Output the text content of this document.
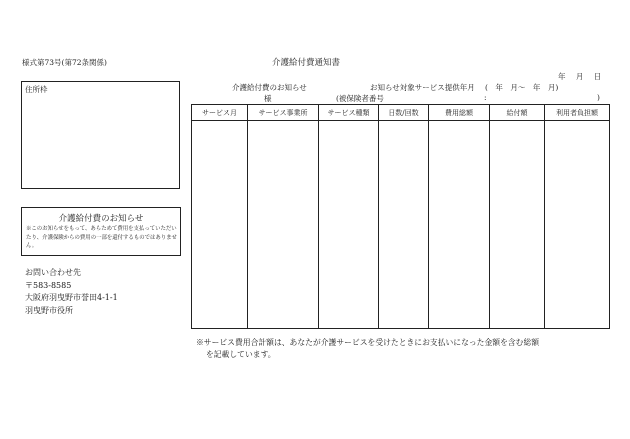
様式第73号(第72条関係)	介護給付費通知書
年 月 日
介護給付費のお知らせ	お知らせ対象サービス提供年月 (　年　月～　年　月)
様	(被保険者番号	:	)
住所枠
介護給付費のお知らせ
※このお知らせをもって、あらためて費用を支払っていただいたり、介護保険からの費用の一部を還付するものではありません。
お問い合わせ先
〒583-8585
大阪府羽曳野市誉田4-1-1
羽曳野市役所
サービス月	サービス事業所	サービス種類	日数/回数	費用総額	給付額	利用者負担額

※サービス費用合計額は、あなたが介護サービスを受けたときにお支払いになった金額を含む総額
を記載しています。
